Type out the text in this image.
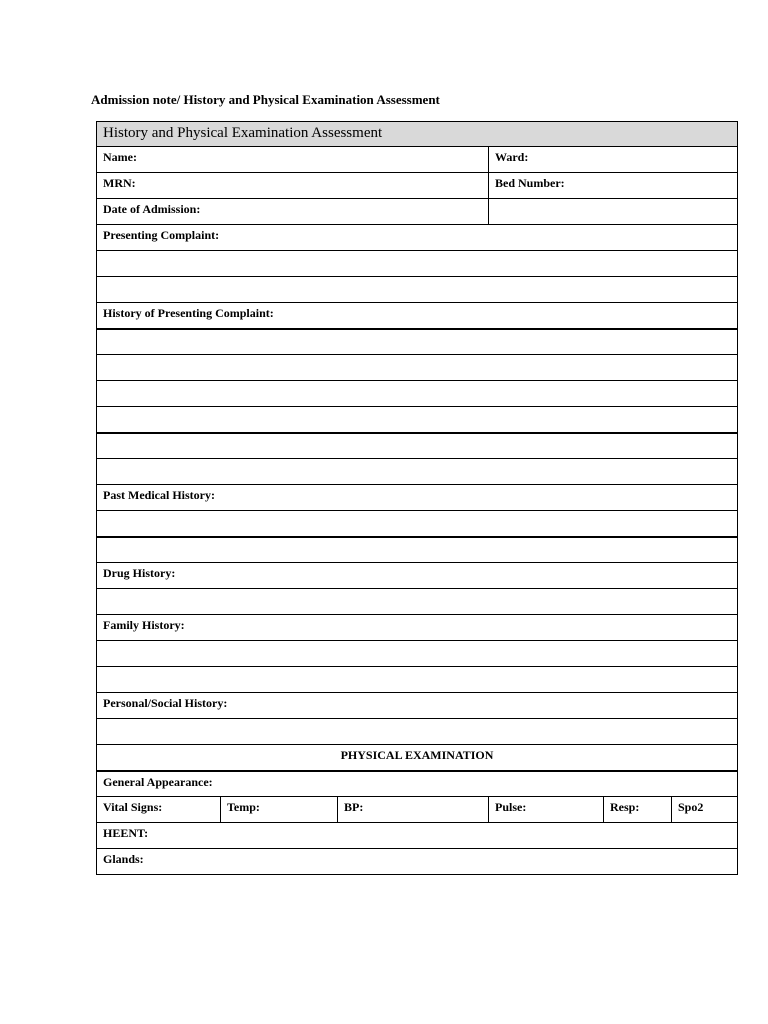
Admission note/ History and Physical Examination Assessment
History and Physical Examination Assessment					
Name:			Ward:		
MRN:			Bed Number:		
Date of Admission:					
Presenting Complaint:					

History of Presenting Complaint:					

Past Medical History:					

Drug History:					

Family History:					

Personal/Social History:					

PHYSICAL EXAMINATION					
General Appearance:					
Vital Signs:	Temp:	BP:	Pulse:	Resp:	Spo2
HEENT:					
Glands:					
